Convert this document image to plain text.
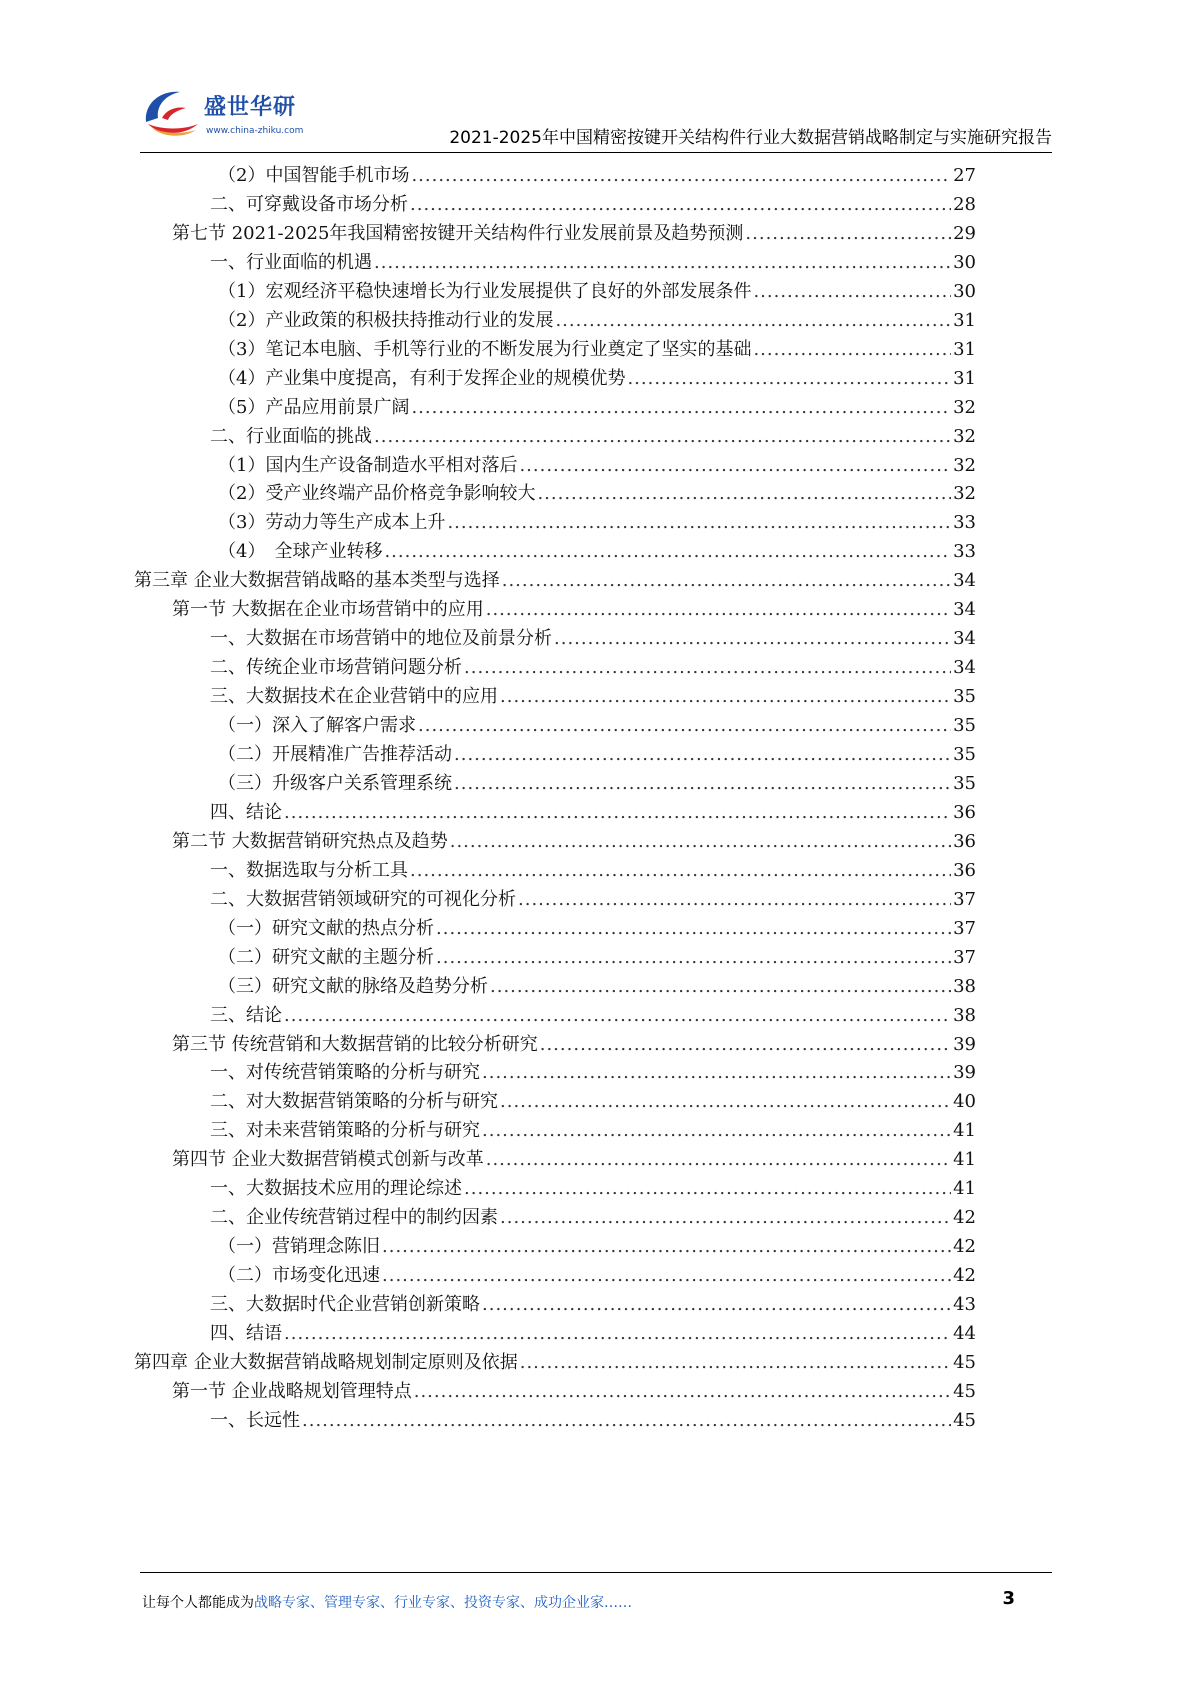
盛世华研
www.china-zhiku.com	2021-2025年中国精密按键开关结构件行业大数据营销战略制定与实施研究报告
（2）中国智能手机市场 .....	27
二、可穿戴设备市场分析 .....	28
第七节 2021-2025年我国精密按键开关结构件行业发展前景及趋势预测 .....	29
一、行业面临的机遇 .....	30
（1）宏观经济平稳快速增长为行业发展提供了良好的外部发展条件 .....	30
（2）产业政策的积极扶持推动行业的发展 .....	31
（3）笔记本电脑、手机等行业的不断发展为行业奠定了坚实的基础 .....	31
（4）产业集中度提高，有利于发挥企业的规模优势 .....	31
（5）产品应用前景广阔 .....	32
二、行业面临的挑战 .....	32
（1）国内生产设备制造水平相对落后 .....	32
（2）受产业终端产品价格竞争影响较大 .....	32
（3）劳动力等生产成本上升 .....	33
（4）　全球产业转移 .....	33
第三章 企业大数据营销战略的基本类型与选择 .....	34
第一节 大数据在企业市场营销中的应用 .....	34
一、大数据在市场营销中的地位及前景分析 .....	34
二、传统企业市场营销问题分析 .....	34
三、大数据技术在企业营销中的应用 .....	35
（一）深入了解客户需求 .....	35
（二）开展精准广告推荐活动 .....	35
（三）升级客户关系管理系统 .....	35
四、结论 .....	36
第二节 大数据营销研究热点及趋势 .....	36
一、数据选取与分析工具 .....	36
二、大数据营销领域研究的可视化分析 .....	37
（一）研究文献的热点分析 .....	37
（二）研究文献的主题分析 .....	37
（三）研究文献的脉络及趋势分析 .....	38
三、结论 .....	38
第三节 传统营销和大数据营销的比较分析研究 .....	39
一、对传统营销策略的分析与研究 .....	39
二、对大数据营销策略的分析与研究 .....	40
三、对未来营销策略的分析与研究 .....	41
第四节 企业大数据营销模式创新与改革 .....	41
一、大数据技术应用的理论综述 .....	41
二、企业传统营销过程中的制约因素 .....	42
（一）营销理念陈旧 .....	42
（二）市场变化迅速 .....	42
三、大数据时代企业营销创新策略 .....	43
四、结语 .....	44
第四章 企业大数据营销战略规划制定原则及依据 .....	45
第一节 企业战略规划管理特点 .....	45
一、长远性 .....	45
让每个人都能成为战略专家、管理专家、行业专家、投资专家、成功企业家……	3
